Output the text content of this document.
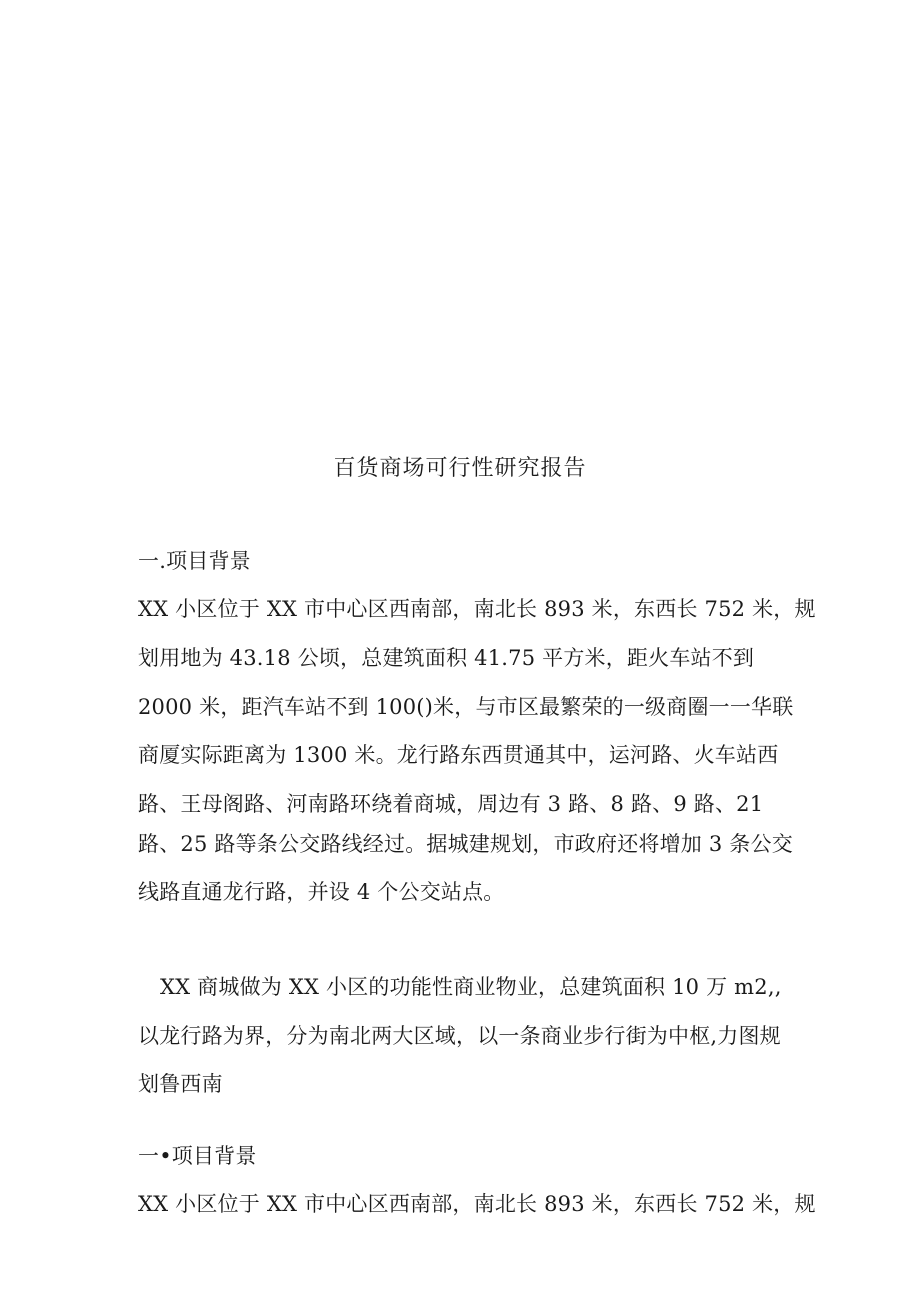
百货商场可行性研究报告

一.项目背景

XX 小区位于 XX 市中心区西南部，南北长 893 米，东西长 752 米，规

划用地为 43.18 公顷，总建筑面积 41.75 平方米，距火车站不到

2000 米，距汽车站不到 100()米，与市区最繁荣的一级商圈一一华联

商厦实际距离为 1300 米。龙行路东西贯通其中，运河路、火车站西

路、王母阁路、河南路环绕着商城，周边有 3 路、8 路、9 路、21

路、25 路等条公交路线经过。据城建规划，市政府还将增加 3 条公交

线路直通龙行路，并设 4 个公交站点。

XX 商城做为 XX 小区的功能性商业物业，总建筑面积 10 万 m2,,

以龙行路为界，分为南北两大区域，以一条商业步行街为中枢,力图规

划鲁西南

一•项目背景

XX 小区位于 XX 市中心区西南部，南北长 893 米，东西长 752 米，规
